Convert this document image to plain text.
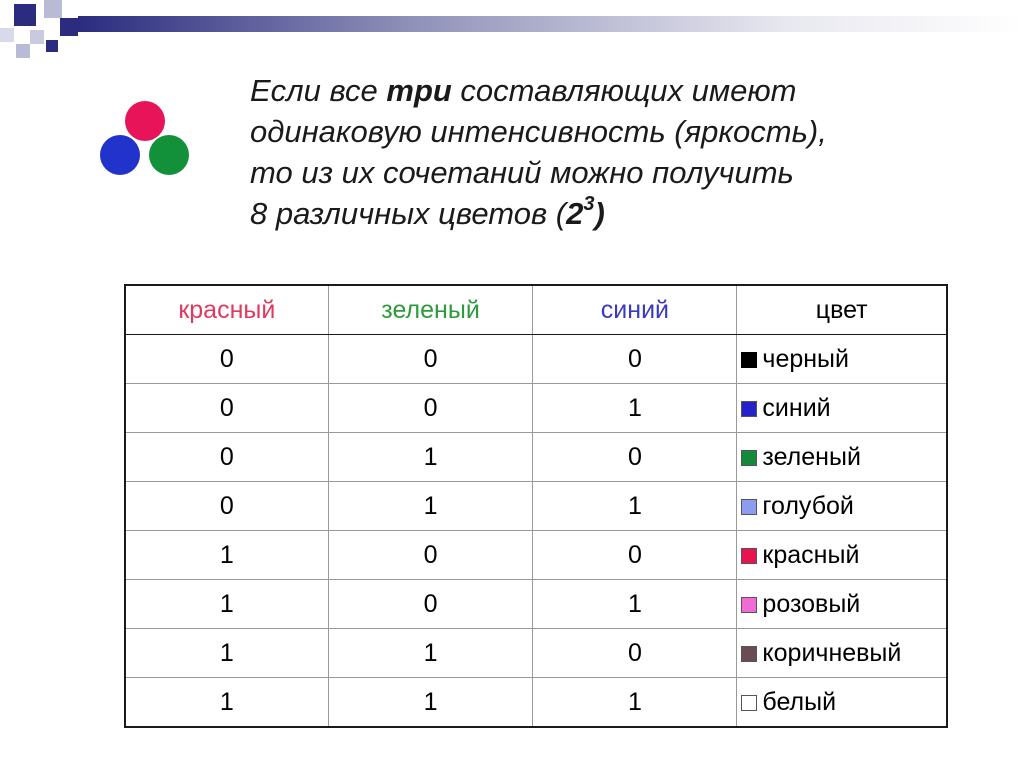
Если все три составляющих имеют
одинаковую интенсивность (яркость),
то из их сочетаний можно получить
8 различных цветов $(2^3)$
красный	зеленый	синий	цвет
0	0	0	черный
0	0	1	синий
0	1	0	зеленый
0	1	1	голубой
1	0	0	красный
1	0	1	розовый
1	1	0	коричневый
1	1	1	белый
